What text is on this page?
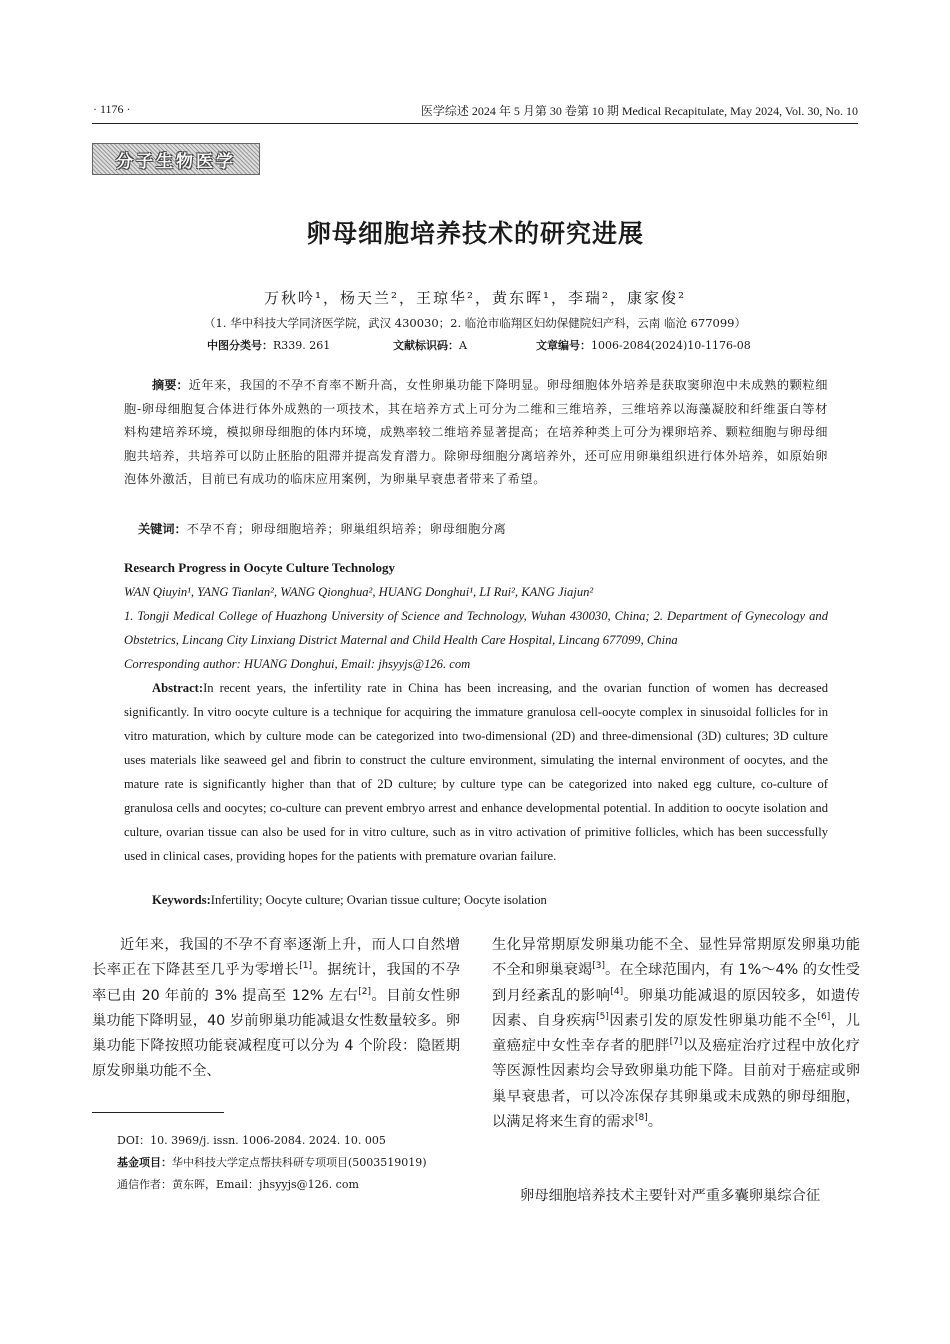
· 1176 ·	医学综述 2024 年 5 月第 30 卷第 10 期 Medical Recapitulate, May 2024, Vol. 30, No. 10
分子生物医学
卵母细胞培养技术的研究进展
万秋吟¹，杨天兰²，王琼华²，黄东晖¹，李瑞²，康家俊²
（1. 华中科技大学同济医学院，武汉 430030；2. 临沧市临翔区妇幼保健院妇产科，云南 临沧 677099）
中图分类号：R339. 261	文献标识码：A	文章编号：1006-2084(2024)10-1176-08
摘要：近年来，我国的不孕不育率不断升高，女性卵巢功能下降明显。卵母细胞体外培养是获取窦卵泡中未成熟的颗粒细胞-卵母细胞复合体进行体外成熟的一项技术，其在培养方式上可分为二维和三维培养，三维培养以海藻凝胶和纤维蛋白等材料构建培养环境，模拟卵母细胞的体内环境，成熟率较二维培养显著提高；在培养种类上可分为裸卵培养、颗粒细胞与卵母细胞共培养，共培养可以防止胚胎的阻滞并提高发育潜力。除卵母细胞分离培养外，还可应用卵巢组织进行体外培养，如原始卵泡体外激活，目前已有成功的临床应用案例，为卵巢早衰患者带来了希望。
关键词：不孕不育；卵母细胞培养；卵巢组织培养；卵母细胞分离
Research Progress in Oocyte Culture Technology
WAN Qiuyin¹, YANG Tianlan², WANG Qionghua², HUANG Donghui¹, LI Rui², KANG Jiajun²
1. Tongji Medical College of Huazhong University of Science and Technology, Wuhan 430030, China; 2. Department of Gynecology and Obstetrics, Lincang City Linxiang District Maternal and Child Health Care Hospital, Lincang 677099, China
Corresponding author: HUANG Donghui, Email: jhsyyjs@126. com
Abstract:In recent years, the infertility rate in China has been increasing, and the ovarian function of women has decreased significantly. In vitro oocyte culture is a technique for acquiring the immature granulosa cell-oocyte complex in sinusoidal follicles for in vitro maturation, which by culture mode can be categorized into two-dimensional (2D) and three-dimensional (3D) cultures; 3D culture uses materials like seaweed gel and fibrin to construct the culture environment, simulating the internal environment of oocytes, and the mature rate is significantly higher than that of 2D culture; by culture type can be categorized into naked egg culture, co-culture of granulosa cells and oocytes; co-culture can prevent embryo arrest and enhance developmental potential. In addition to oocyte isolation and culture, ovarian tissue can also be used for in vitro culture, such as in vitro activation of primitive follicles, which has been successfully used in clinical cases, providing hopes for the patients with premature ovarian failure.
Keywords:Infertility; Oocyte culture; Ovarian tissue culture; Oocyte isolation
近年来，我国的不孕不育率逐渐上升，而人口自然增长率正在下降甚至几乎为零增长[1]。据统计，我国的不孕率已由 20 年前的 3% 提高至 12% 左右[2]。目前女性卵巢功能下降明显，40 岁前卵巢功能减退女性数量较多。卵巢功能下降按照功能衰减程度可以分为 4 个阶段：隐匿期原发卵巢功能不全、
生化异常期原发卵巢功能不全、显性异常期原发卵巢功能不全和卵巢衰竭[3]。在全球范围内，有 1%～4% 的女性受到月经紊乱的影响[4]。卵巢功能减退的原因较多，如遗传因素、自身疾病[5]因素引发的原发性卵巢功能不全[6]，儿童癌症中女性幸存者的肥胖[7]以及癌症治疗过程中放化疗等医源性因素均会导致卵巢功能下降。目前对于癌症或卵巢早衰患者，可以冷冻保存其卵巢或未成熟的卵母细胞，以满足将来生育的需求[8]。
卵母细胞培养技术主要针对严重多囊卵巢综合征
DOI：10. 3969/j. issn. 1006-2084. 2024. 10. 005
基金项目：华中科技大学定点帮扶科研专项项目(5003519019)
通信作者：黄东晖，Email：jhsyyjs@126. com
